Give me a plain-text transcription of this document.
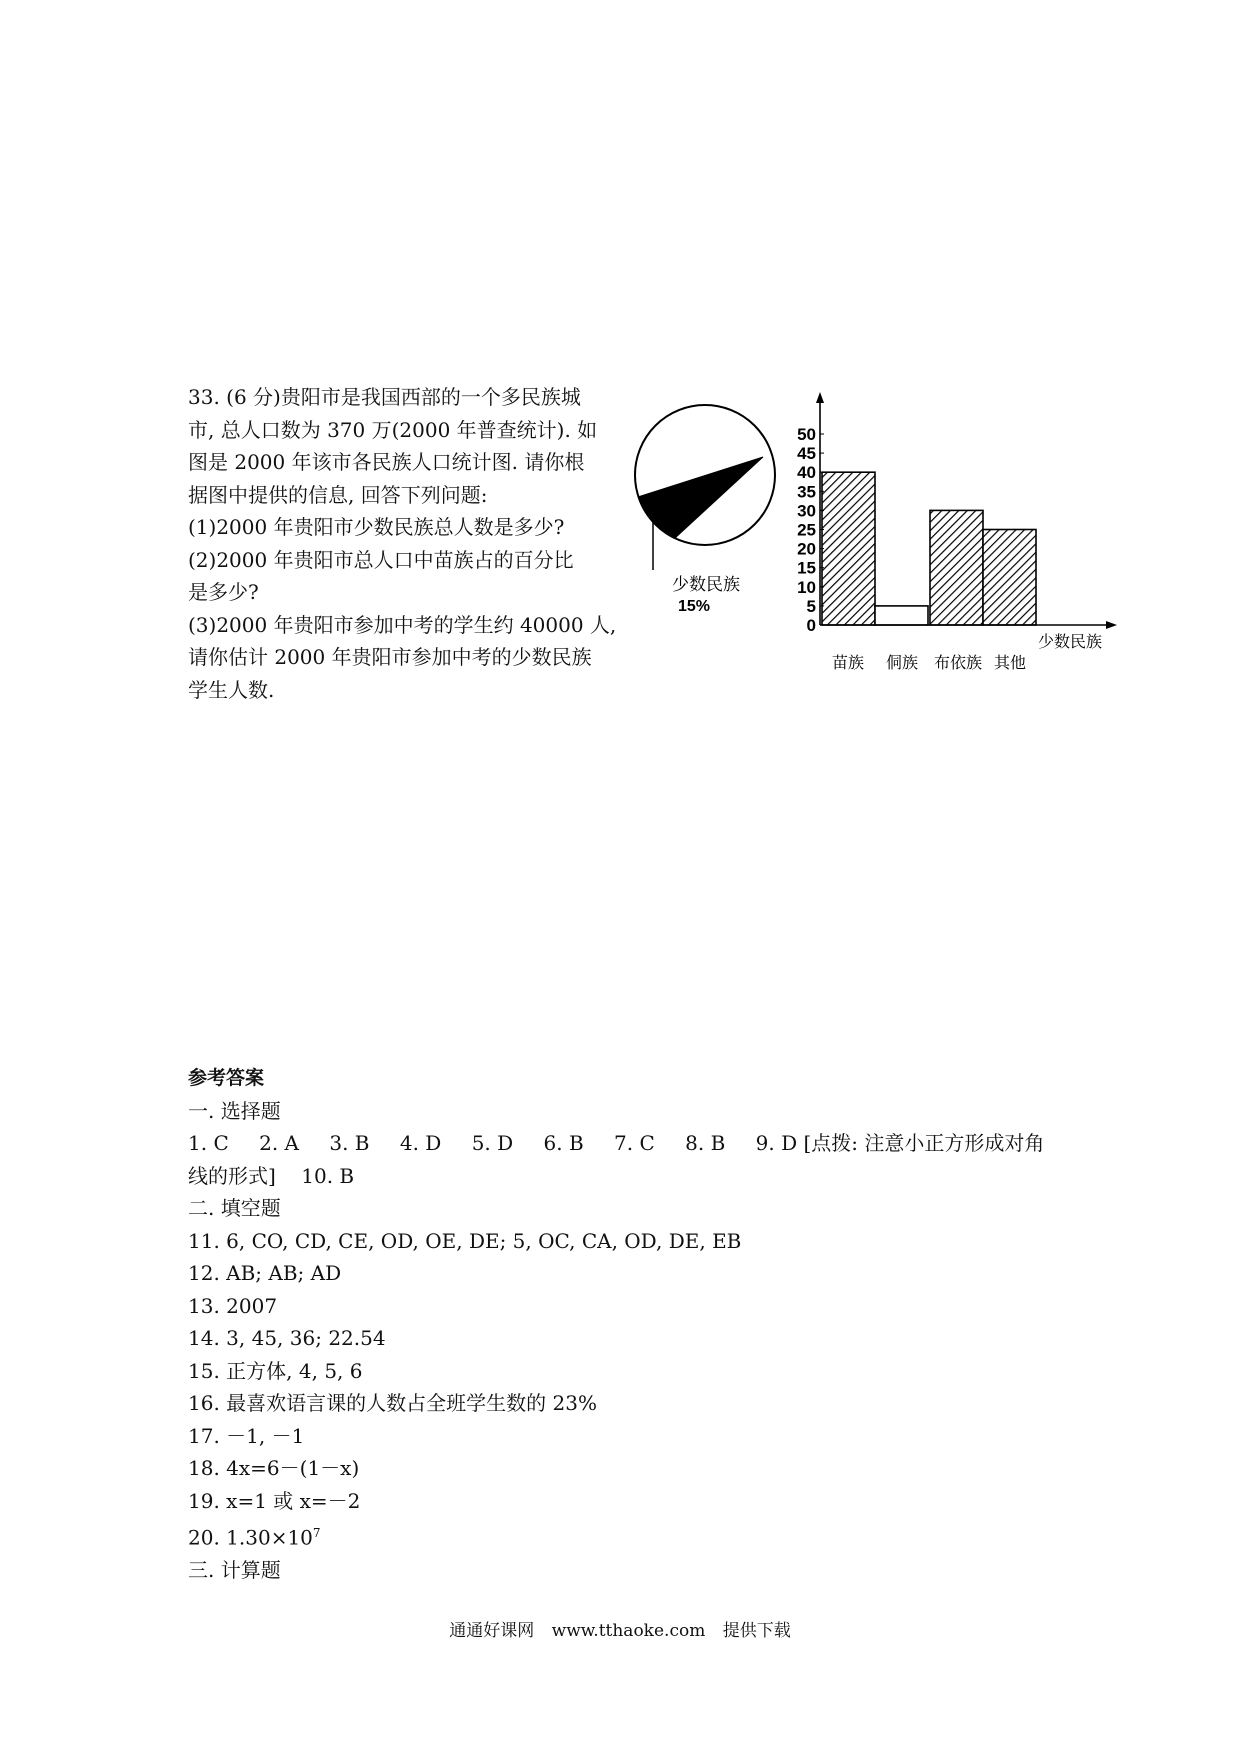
33. (6 分)贵阳市是我国西部的一个多民族城
市, 总人口数为 370 万(2000 年普查统计). 如
图是 2000 年该市各民族人口统计图. 请你根
据图中提供的信息, 回答下列问题:
(1)2000 年贵阳市少数民族总人数是多少?
(2)2000 年贵阳市总人口中苗族占的百分比
是多少?
(3)2000 年贵阳市参加中考的学生约 40000 人,
请你估计 2000 年贵阳市参加中考的少数民族
学生人数.
少数民族
15%
0
5
10
15
20
25
30
35
40
45
50
苗族 侗族 布依族 其他
少数民族
参考答案
一. 选择题
1. C 2. A 3. B 4. D 5. D 6. B 7. C 8. B 9. D [点拨: 注意小正方形成对角
线的形式] 10. B
二. 填空题
11. 6, CO, CD, CE, OD, OE, DE; 5, OC, CA, OD, DE, EB
12. AB; AB; AD
13. 2007
14. 3, 45, 36; 22.54
15. 正方体, 4, 5, 6
16. 最喜欢语言课的人数占全班学生数的 23%
17. －1, －1
18. 4x=6－(1－x)
19. x=1 或 x=－2
20. $1.30\times 10^7$
三. 计算题
通通好课网 www.tthaoke.com 提供下载
